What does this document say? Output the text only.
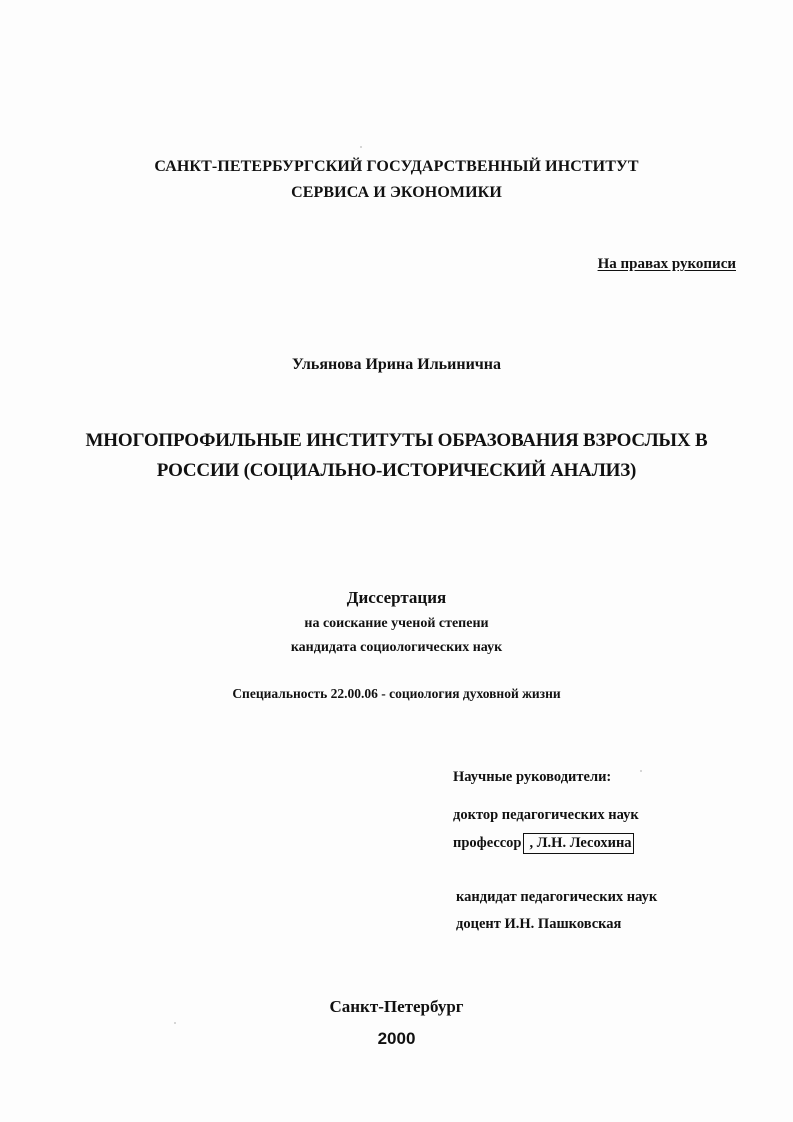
САНКТ-ПЕТЕРБУРГСКИЙ ГОСУДАРСТВЕННЫЙ ИНСТИТУТ
СЕРВИСА И ЭКОНОМИКИ
На правах рукописи
Ульянова Ирина Ильинична
МНОГОПРОФИЛЬНЫЕ ИНСТИТУТЫ ОБРАЗОВАНИЯ ВЗРОСЛЫХ В
РОССИИ (СОЦИАЛЬНО-ИСТОРИЧЕСКИЙ АНАЛИЗ)
Диссертация
на соискание ученой степени
кандидата социологических наук
Специальность 22.00.06 - социология духовной жизни
Научные руководители:
доктор педагогических наук
профессор , Л.Н. Лесохина
кандидат педагогических наук
доцент И.Н. Пашковская
Санкт-Петербург
2000
